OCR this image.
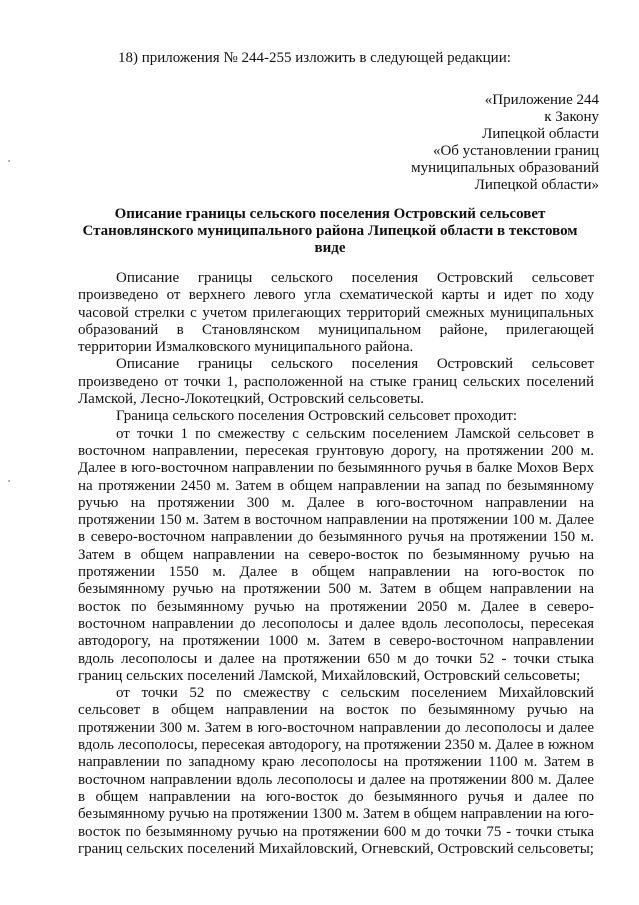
18) приложения № 244-255 изложить в следующей редакции:
«Приложение 244
к Закону
Липецкой области
«Об установлении границ
муниципальных образований
Липецкой области»
Описание границы сельского поселения Островский сельсовет Становлянского муниципального района Липецкой области в текстовом виде

Описание границы сельского поселения Островский сельсовет произведено от верхнего левого угла схематической карты и идет по ходу часовой стрелки с учетом прилегающих территорий смежных муниципальных образований в Становлянском муниципальном районе, прилегающей территории Измалковского муниципального района.

Описание границы сельского поселения Островский сельсовет произведено от точки 1, расположенной на стыке границ сельских поселений Ламской, Лесно-Локотецкий, Островский сельсоветы.

Граница сельского поселения Островский сельсовет проходит:

от точки 1 по смежеству с сельским поселением Ламской сельсовет в восточном направлении, пересекая грунтовую дорогу, на протяжении 200 м. Далее в юго-восточном направлении по безымянного ручья в балке Мохов Верх на протяжении 2450 м. Затем в общем направлении на запад по безымянному ручью на протяжении 300 м. Далее в юго-восточном направлении на протяжении 150 м. Затем в восточном направлении на протяжении 100 м. Далее в северо-восточном направлении до безымянного ручья на протяжении 150 м. Затем в общем направлении на северо-восток по безымянному ручью на протяжении 1550 м. Далее в общем направлении на юго-восток по безымянному ручью на протяжении 500 м. Затем в общем направлении на восток по безымянному ручью на протяжении 2050 м. Далее в северо-восточном направлении до лесополосы и далее вдоль лесополосы, пересекая автодорогу, на протяжении 1000 м. Затем в северо-восточном направлении вдоль лесополосы и далее на протяжении 650 м до точки 52 - точки стыка границ сельских поселений Ламской, Михайловский, Островский сельсоветы;

от точки 52 по смежеству с сельским поселением Михайловский сельсовет в общем направлении на восток по безымянному ручью на протяжении 300 м. Затем в юго-восточном направлении до лесополосы и далее вдоль лесополосы, пересекая автодорогу, на протяжении 2350 м. Далее в южном направлении по западному краю лесополосы на протяжении 1100 м. Затем в восточном направлении вдоль лесополосы и далее на протяжении 800 м. Далее в общем направлении на юго-восток до безымянного ручья и далее по безымянному ручью на протяжении 1300 м. Затем в общем направлении на юго-восток по безымянному ручью на протяжении 600 м до точки 75 - точки стыка границ сельских поселений Михайловский, Огневский, Островский сельсоветы;
